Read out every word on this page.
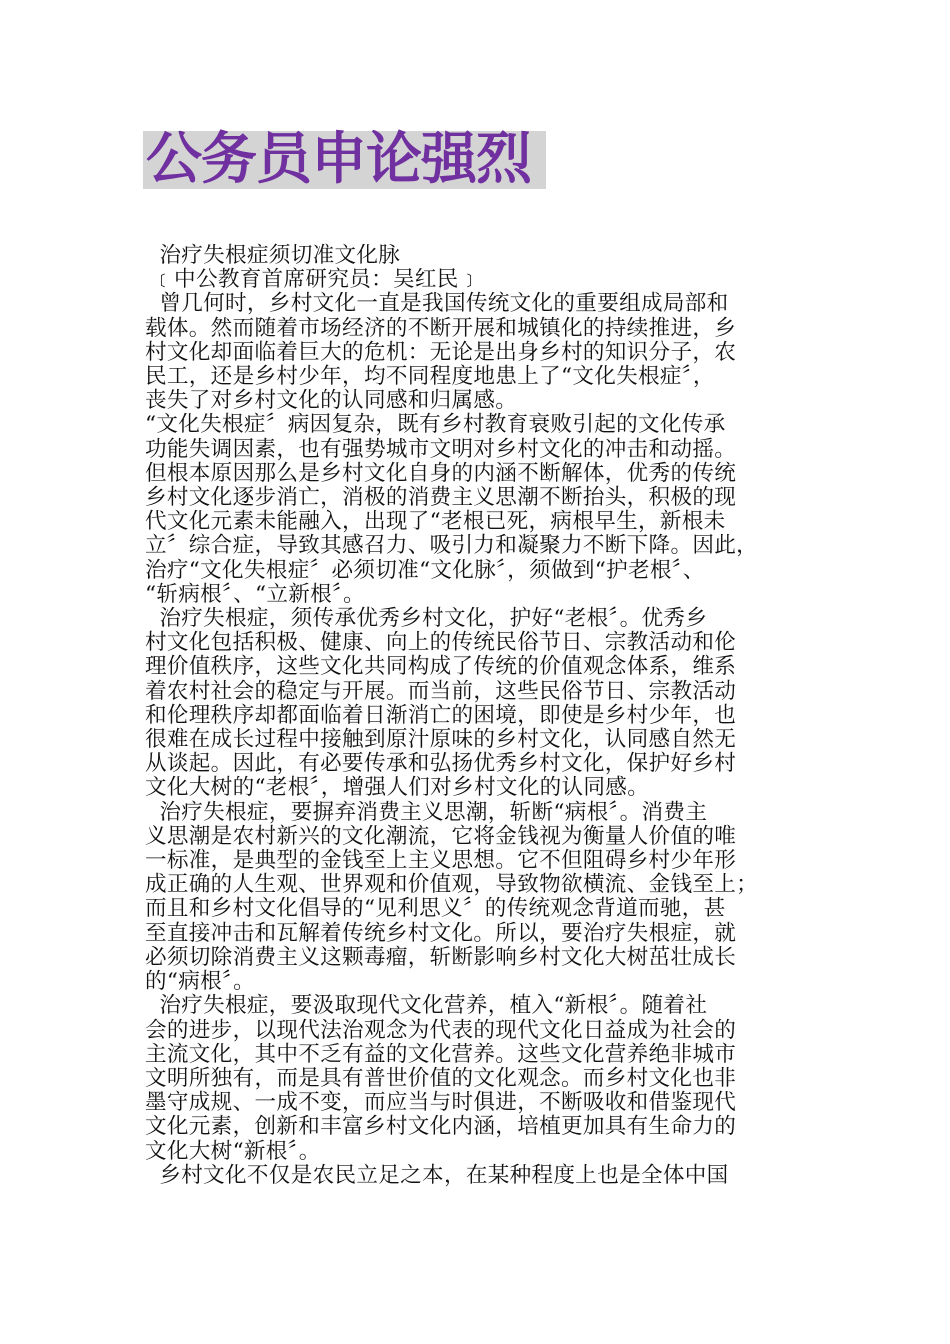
公务员申论强烈
治疗失根症须切准文化脉
﹝中公教育首席研究员：吴红民﹞
曾几何时，乡村文化一直是我国传统文化的重要组成局部和
载体。然而随着市场经济的不断开展和城镇化的持续推进，乡
村文化却面临着巨大的危机：无论是出身乡村的知识分子，农
民工，还是乡村少年，均不同程度地患上了“文化失根症〞，
丧失了对乡村文化的认同感和归属感。
“文化失根症〞病因复杂，既有乡村教育衰败引起的文化传承
功能失调因素，也有强势城市文明对乡村文化的冲击和动摇。
但根本原因那么是乡村文化自身的内涵不断解体，优秀的传统
乡村文化逐步消亡，消极的消费主义思潮不断抬头，积极的现
代文化元素未能融入，出现了“老根已死，病根早生，新根未
立〞综合症，导致其感召力、吸引力和凝聚力不断下降。因此，
治疗“文化失根症〞必须切准“文化脉〞，须做到“护老根〞、
“斩病根〞、“立新根〞。
治疗失根症，须传承优秀乡村文化，护好“老根〞。优秀乡
村文化包括积极、健康、向上的传统民俗节日、宗教活动和伦
理价值秩序，这些文化共同构成了传统的价值观念体系，维系
着农村社会的稳定与开展。而当前，这些民俗节日、宗教活动
和伦理秩序却都面临着日渐消亡的困境，即使是乡村少年，也
很难在成长过程中接触到原汁原味的乡村文化，认同感自然无
从谈起。因此，有必要传承和弘扬优秀乡村文化，保护好乡村
文化大树的“老根〞，增强人们对乡村文化的认同感。
治疗失根症，要摒弃消费主义思潮，斩断“病根〞。消费主
义思潮是农村新兴的文化潮流，它将金钱视为衡量人价值的唯
一标准，是典型的金钱至上主义思想。它不但阻碍乡村少年形
成正确的人生观、世界观和价值观，导致物欲横流、金钱至上；
而且和乡村文化倡导的“见利思义〞的传统观念背道而驰，甚
至直接冲击和瓦解着传统乡村文化。所以，要治疗失根症，就
必须切除消费主义这颗毒瘤，斩断影响乡村文化大树茁壮成长
的“病根〞。
治疗失根症，要汲取现代文化营养，植入“新根〞。随着社
会的进步，以现代法治观念为代表的现代文化日益成为社会的
主流文化，其中不乏有益的文化营养。这些文化营养绝非城市
文明所独有，而是具有普世价值的文化观念。而乡村文化也非
墨守成规、一成不变，而应当与时俱进，不断吸收和借鉴现代
文化元素，创新和丰富乡村文化内涵，培植更加具有生命力的
文化大树“新根〞。
乡村文化不仅是农民立足之本，在某种程度上也是全体中国
